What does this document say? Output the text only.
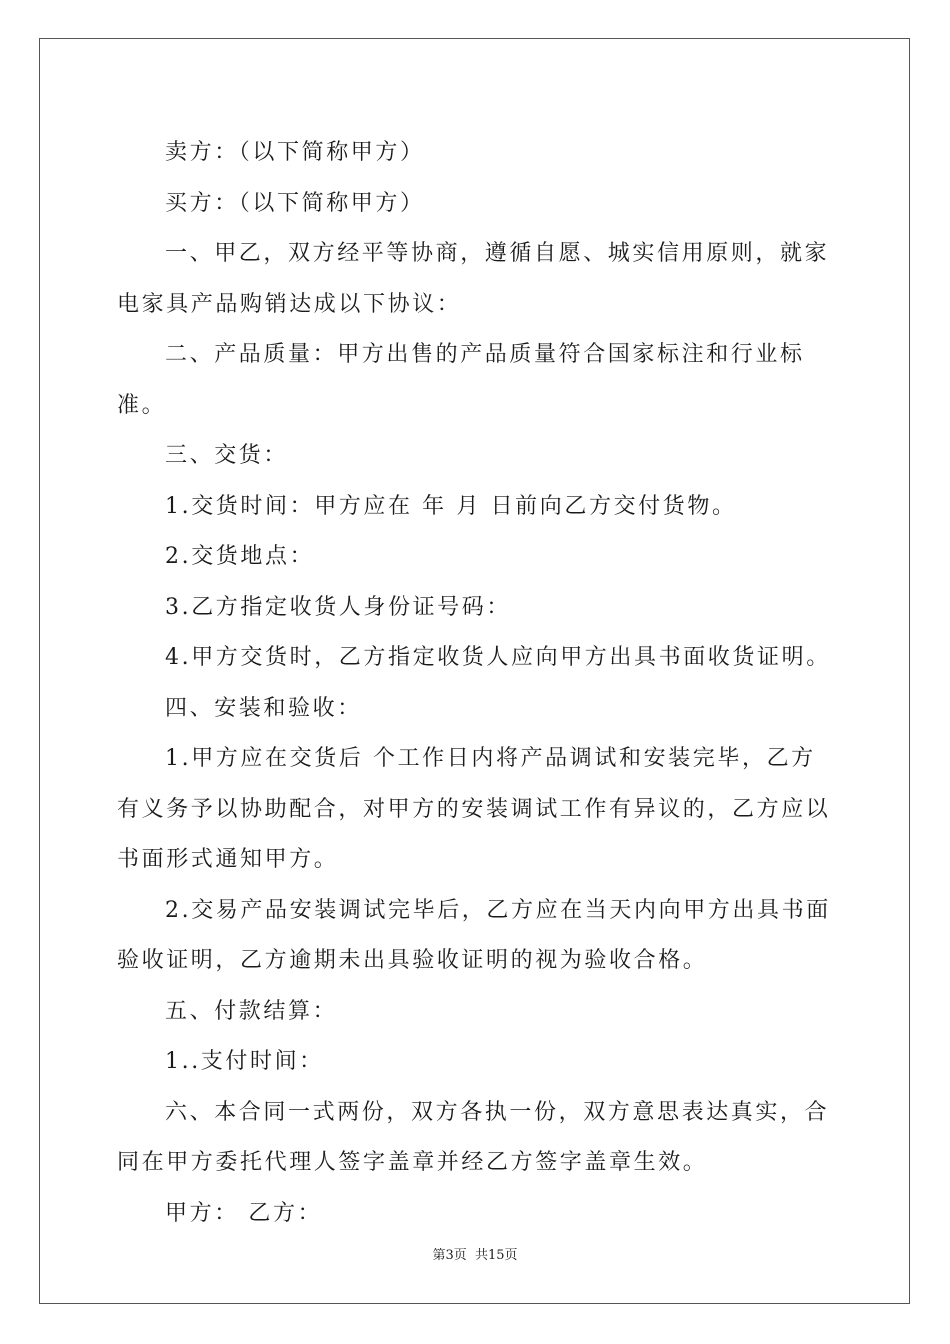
卖方：（以下简称甲方）

买方：（以下简称甲方）

一、甲乙，双方经平等协商，遵循自愿、城实信用原则，就家电家具产品购销达成以下协议：

二、产品质量：甲方出售的产品质量符合国家标注和行业标准。

三、交货：

1.交货时间：甲方应在 年 月 日前向乙方交付货物。

2.交货地点：

3.乙方指定收货人身份证号码：

4.甲方交货时，乙方指定收货人应向甲方出具书面收货证明。

四、安装和验收：

1.甲方应在交货后 个工作日内将产品调试和安装完毕，乙方有义务予以协助配合，对甲方的安装调试工作有异议的，乙方应以书面形式通知甲方。

2.交易产品安装调试完毕后，乙方应在当天内向甲方出具书面验收证明，乙方逾期未出具验收证明的视为验收合格。

五、付款结算：

1..支付时间：

六、本合同一式两份，双方各执一份，双方意思表达真实，合同在甲方委托代理人签字盖章并经乙方签字盖章生效。

甲方： 乙方：

第3页 共15页
